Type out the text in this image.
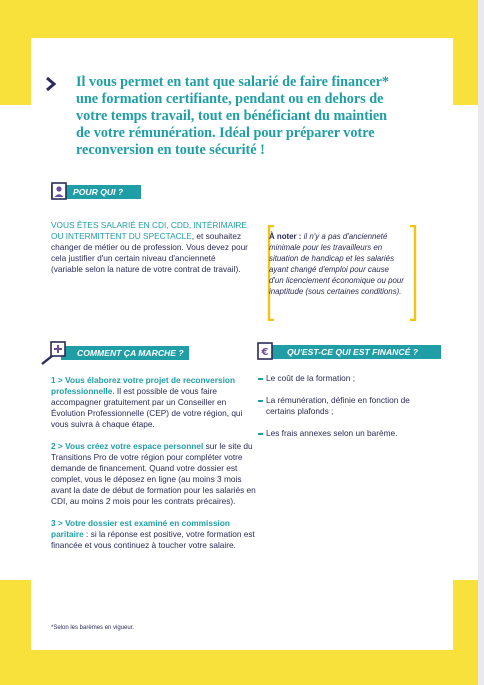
Il vous permet en tant que salarié de faire financer*
une formation certifiante, pendant ou en dehors de
votre temps travail, tout en bénéficiant du maintien
de votre rémunération. Idéal pour préparer votre
reconversion en toute sécurité !
POUR QUI ?
VOUS ÊTES SALARIÉ EN CDI, CDD, INTÉRIMAIRE OU INTERMITTENT DU SPECTACLE, et souhaitez changer de métier ou de profession. Vous devez pour cela justifier d'un certain niveau d'ancienneté (variable selon la nature de votre contrat de travail).
À noter : il n'y a pas d'ancienneté minimale pour les travailleurs en situation de handicap et les salariés ayant changé d'emploi pour cause d'un licenciement économique ou pour inaptitude (sous certaines conditions).
COMMENT ÇA MARCHE ?
1 > Vous élaborez votre projet de reconversion professionnelle. Il est possible de vous faire accompagner gratuitement par un Conseiller en Évolution Professionnelle (CEP) de votre région, qui vous suivra à chaque étape.
2 > Vous créez votre espace personnel sur le site du Transitions Pro de votre région pour compléter votre demande de financement. Quand votre dossier est complet, vous le déposez en ligne (au moins 3 mois avant la date de début de formation pour les salariés en CDI, au moins 2 mois pour les contrats précaires).
3 > Votre dossier est examiné en commission paritaire : si la réponse est positive, votre formation est financée et vous continuez à toucher votre salaire.
€ QU'EST-CE QUI EST FINANCÉ ?
Le coût de la formation ;
La rémunération, définie en fonction de certains plafonds ;
Les frais annexes selon un barème.
*Selon les barèmes en vigueur.
